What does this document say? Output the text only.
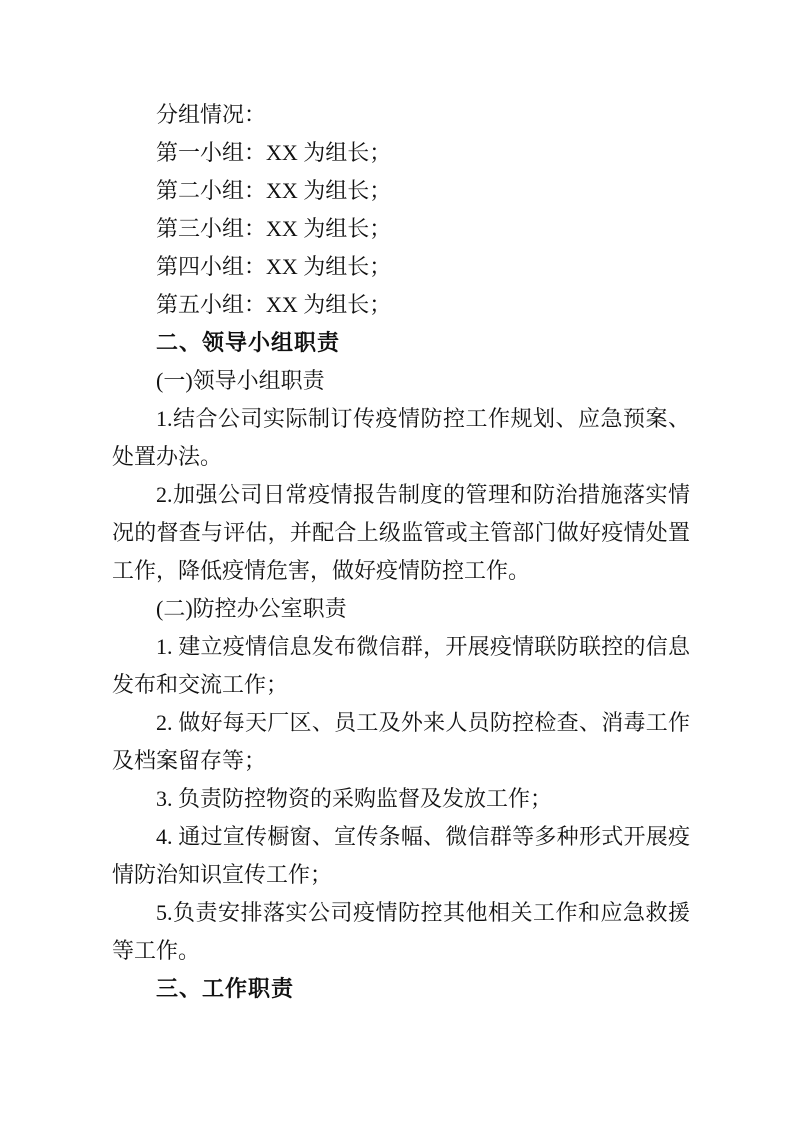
分组情况：

第一小组：XX 为组长；

第二小组：XX 为组长；

第三小组：XX 为组长；

第四小组：XX 为组长；

第五小组：XX 为组长；

二、领导小组职责

(一)领导小组职责

1.结合公司实际制订传疫情防控工作规划、应急预案、处置办法。

2.加强公司日常疫情报告制度的管理和防治措施落实情况的督查与评估，并配合上级监管或主管部门做好疫情处置工作，降低疫情危害，做好疫情防控工作。

(二)防控办公室职责

1. 建立疫情信息发布微信群，开展疫情联防联控的信息发布和交流工作；

2. 做好每天厂区、员工及外来人员防控检查、消毒工作及档案留存等；

3. 负责防控物资的采购监督及发放工作；

4. 通过宣传橱窗、宣传条幅、微信群等多种形式开展疫情防治知识宣传工作；

5.负责安排落实公司疫情防控其他相关工作和应急救援等工作。

三、工作职责
